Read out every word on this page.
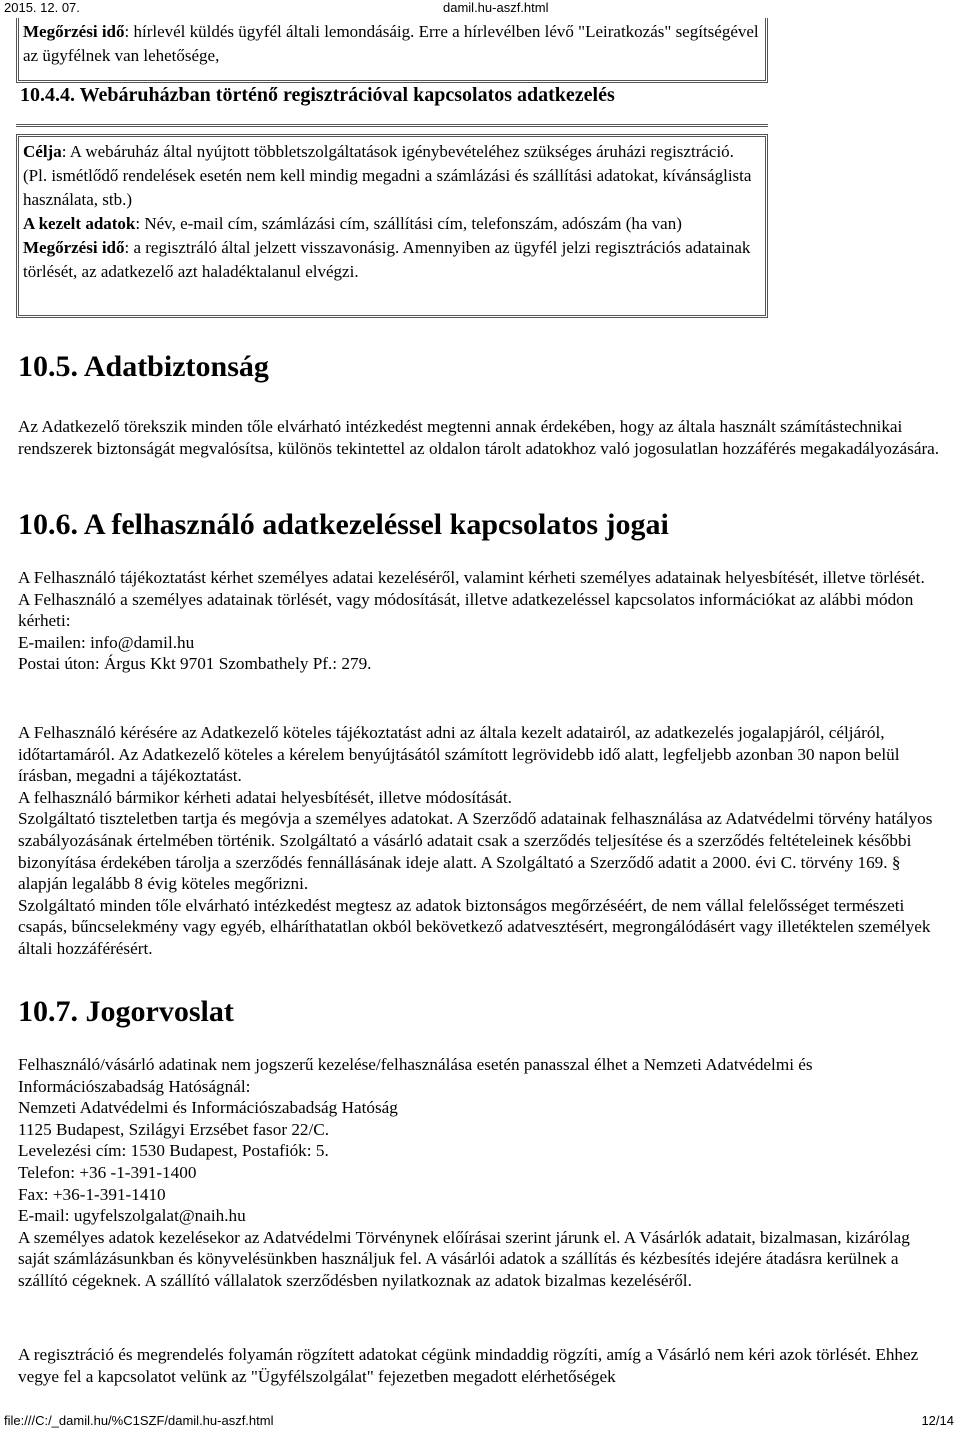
2015. 12. 07.	damil.hu-aszf.html

Megőrzési idő: hírlevél küldés ügyfél általi lemondásáig. Erre a hírlevélben lévő "Leiratkozás" segítségével az ügyfélnek van lehetősége,

10.4.4. Webáruházban történő regisztrációval kapcsolatos adatkezelés

Célja: A webáruház által nyújtott többletszolgáltatások igénybevételéhez szükséges áruházi regisztráció. (Pl. ismétlődő rendelések esetén nem kell mindig megadni a számlázási és szállítási adatokat, kívánságlista használata, stb.)

A kezelt adatok: Név, e-mail cím, számlázási cím, szállítási cím, telefonszám, adószám (ha van)

Megőrzési idő: a regisztráló által jelzett visszavonásig. Amennyiben az ügyfél jelzi regisztrációs adatainak törlését, az adatkezelő azt haladéktalanul elvégzi.

10.5. Adatbiztonság

Az Adatkezelő törekszik minden tőle elvárható intézkedést megtenni annak érdekében, hogy az általa használt számítástechnikai rendszerek biztonságát megvalósítsa, különös tekintettel az oldalon tárolt adatokhoz való jogosulatlan hozzáférés megakadályozására.

10.6. A felhasználó adatkezeléssel kapcsolatos jogai

A Felhasználó tájékoztatást kérhet személyes adatai kezeléséről, valamint kérheti személyes adatainak helyesbítését, illetve törlését.

A Felhasználó a személyes adatainak törlését, vagy módosítását, illetve adatkezeléssel kapcsolatos információkat az alábbi módon kérheti:

E-mailen: info@damil.hu

Postai úton: Árgus Kkt 9701 Szombathely Pf.: 279.

A Felhasználó kérésére az Adatkezelő köteles tájékoztatást adni az általa kezelt adatairól, az adatkezelés jogalapjáról, céljáról, időtartamáról. Az Adatkezelő köteles a kérelem benyújtásától számított legrövidebb idő alatt, legfeljebb azonban 30 napon belül írásban, megadni a tájékoztatást.

A felhasználó bármikor kérheti adatai helyesbítését, illetve módosítását.

Szolgáltató tiszteletben tartja és megóvja a személyes adatokat. A Szerződő adatainak felhasználása az Adatvédelmi törvény hatályos szabályozásának értelmében történik. Szolgáltató a vásárló adatait csak a szerződés teljesítése és a szerződés feltételeinek későbbi bizonyítása érdekében tárolja a szerződés fennállásának ideje alatt. A Szolgáltató a Szerződő adatit a 2000. évi C. törvény 169. § alapján legalább 8 évig köteles megőrizni.

Szolgáltató minden tőle elvárható intézkedést megtesz az adatok biztonságos megőrzéséért, de nem vállal felelősséget természeti csapás, bűncselekmény vagy egyéb, elháríthatatlan okból bekövetkező adatvesztésért, megrongálódásért vagy illetéktelen személyek általi hozzáférésért.

10.7. Jogorvoslat

Felhasználó/vásárló adatinak nem jogszerű kezelése/felhasználása esetén panasszal élhet a Nemzeti Adatvédelmi és Információszabadság Hatóságnál:

Nemzeti Adatvédelmi és Információszabadság Hatóság

1125 Budapest, Szilágyi Erzsébet fasor 22/C.

Levelezési cím: 1530 Budapest, Postafiók: 5.

Telefon: +36 -1-391-1400

Fax: +36-1-391-1410

E-mail: ugyfelszolgalat@naih.hu

A személyes adatok kezelésekor az Adatvédelmi Törvénynek előírásai szerint járunk el. A Vásárlók adatait, bizalmasan, kizárólag saját számlázásunkban és könyvelésünkben használjuk fel. A vásárlói adatok a szállítás és kézbesítés idejére átadásra kerülnek a szállító cégeknek. A szállító vállalatok szerződésben nyilatkoznak az adatok bizalmas kezeléséről.

A regisztráció és megrendelés folyamán rögzített adatokat cégünk mindaddig rögzíti, amíg a Vásárló nem kéri azok törlését. Ehhez vegye fel a kapcsolatot velünk az "Ügyfélszolgálat" fejezetben megadott elérhetőségek

file:///C:/_damil.hu/%C1SZF/damil.hu-aszf.html	12/14
